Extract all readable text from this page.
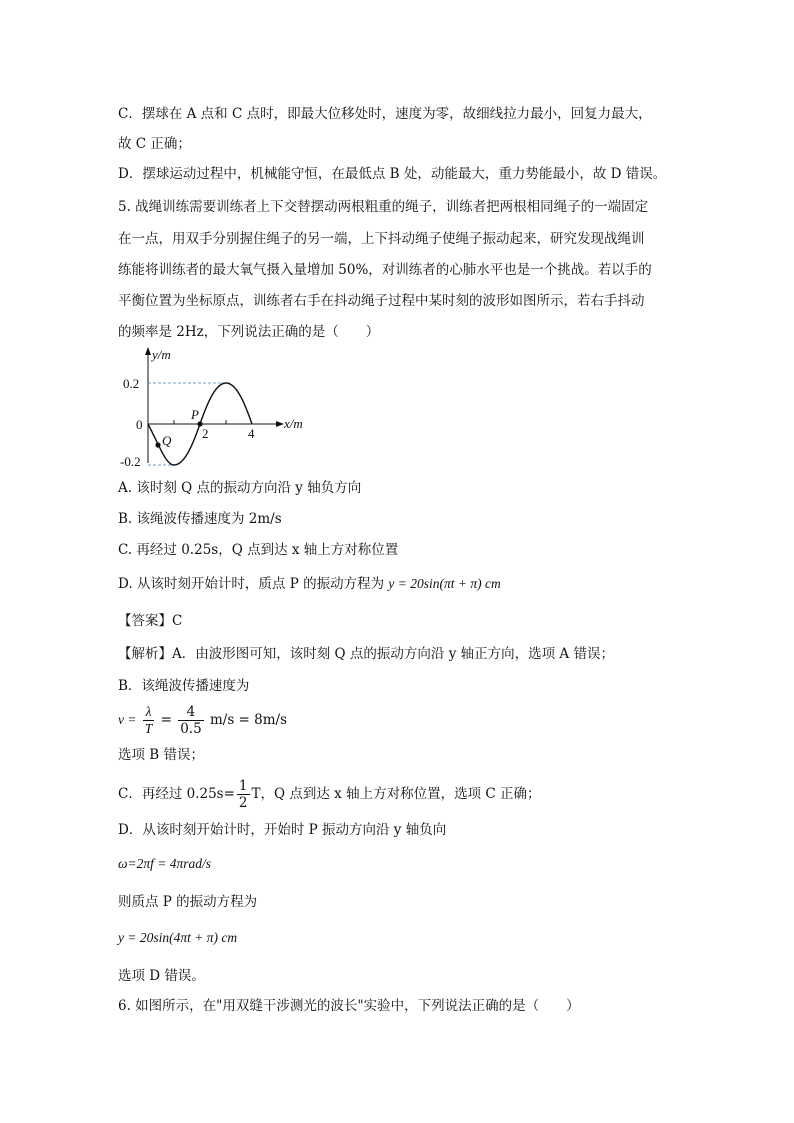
C．摆球在 A 点和 C 点时，即最大位移处时，速度为零，故细线拉力最小，回复力最大，
故 C 正确；
D．摆球运动过程中，机械能守恒，在最低点 B 处，动能最大，重力势能最小，故 D 错误。
5. 战绳训练需要训练者上下交替摆动两根粗重的绳子，训练者把两根相同绳子的一端固定
在一点，用双手分别握住绳子的另一端，上下抖动绳子使绳子振动起来，研究发现战绳训
练能将训练者的最大氧气摄入量增加 50%，对训练者的心肺水平也是一个挑战。若以手的
平衡位置为坐标原点，训练者右手在抖动绳子过程中某时刻的波形如图所示，若右手抖动
的频率是 2Hz，下列说法正确的是（　　）
y/m
x/m
0.2
0
-0.2
2	4
P
Q
A. 该时刻 Q 点的振动方向沿 y 轴负方向
B. 该绳波传播速度为 2m/s
C. 再经过 0.25s，Q 点到达 x 轴上方对称位置
D. 从该时刻开始计时，质点 P 的振动方程为 y = 20sin(πt + π) cm
【答案】C
【解析】A．由波形图可知，该时刻 Q 点的振动方向沿 y 轴正方向，选项 A 错误；
B．该绳波传播速度为
$v = \frac{\lambda}{T} = \frac{4}{0.5} m/s = 8m/s$
选项 B 错误；
C．再经过 $0.25s= \frac{1}{2}$ T，Q 点到达 x 轴上方对称位置，选项 C 正确；
D．从该时刻开始计时，开始时 P 振动方向沿 y 轴负向
ω=2πf = 4πrad/s
则质点 P 的振动方程为
y = 20sin(4πt + π) cm
选项 D 错误。
6. 如图所示，在"用双缝干涉测光的波长"实验中，下列说法正确的是（　　）
